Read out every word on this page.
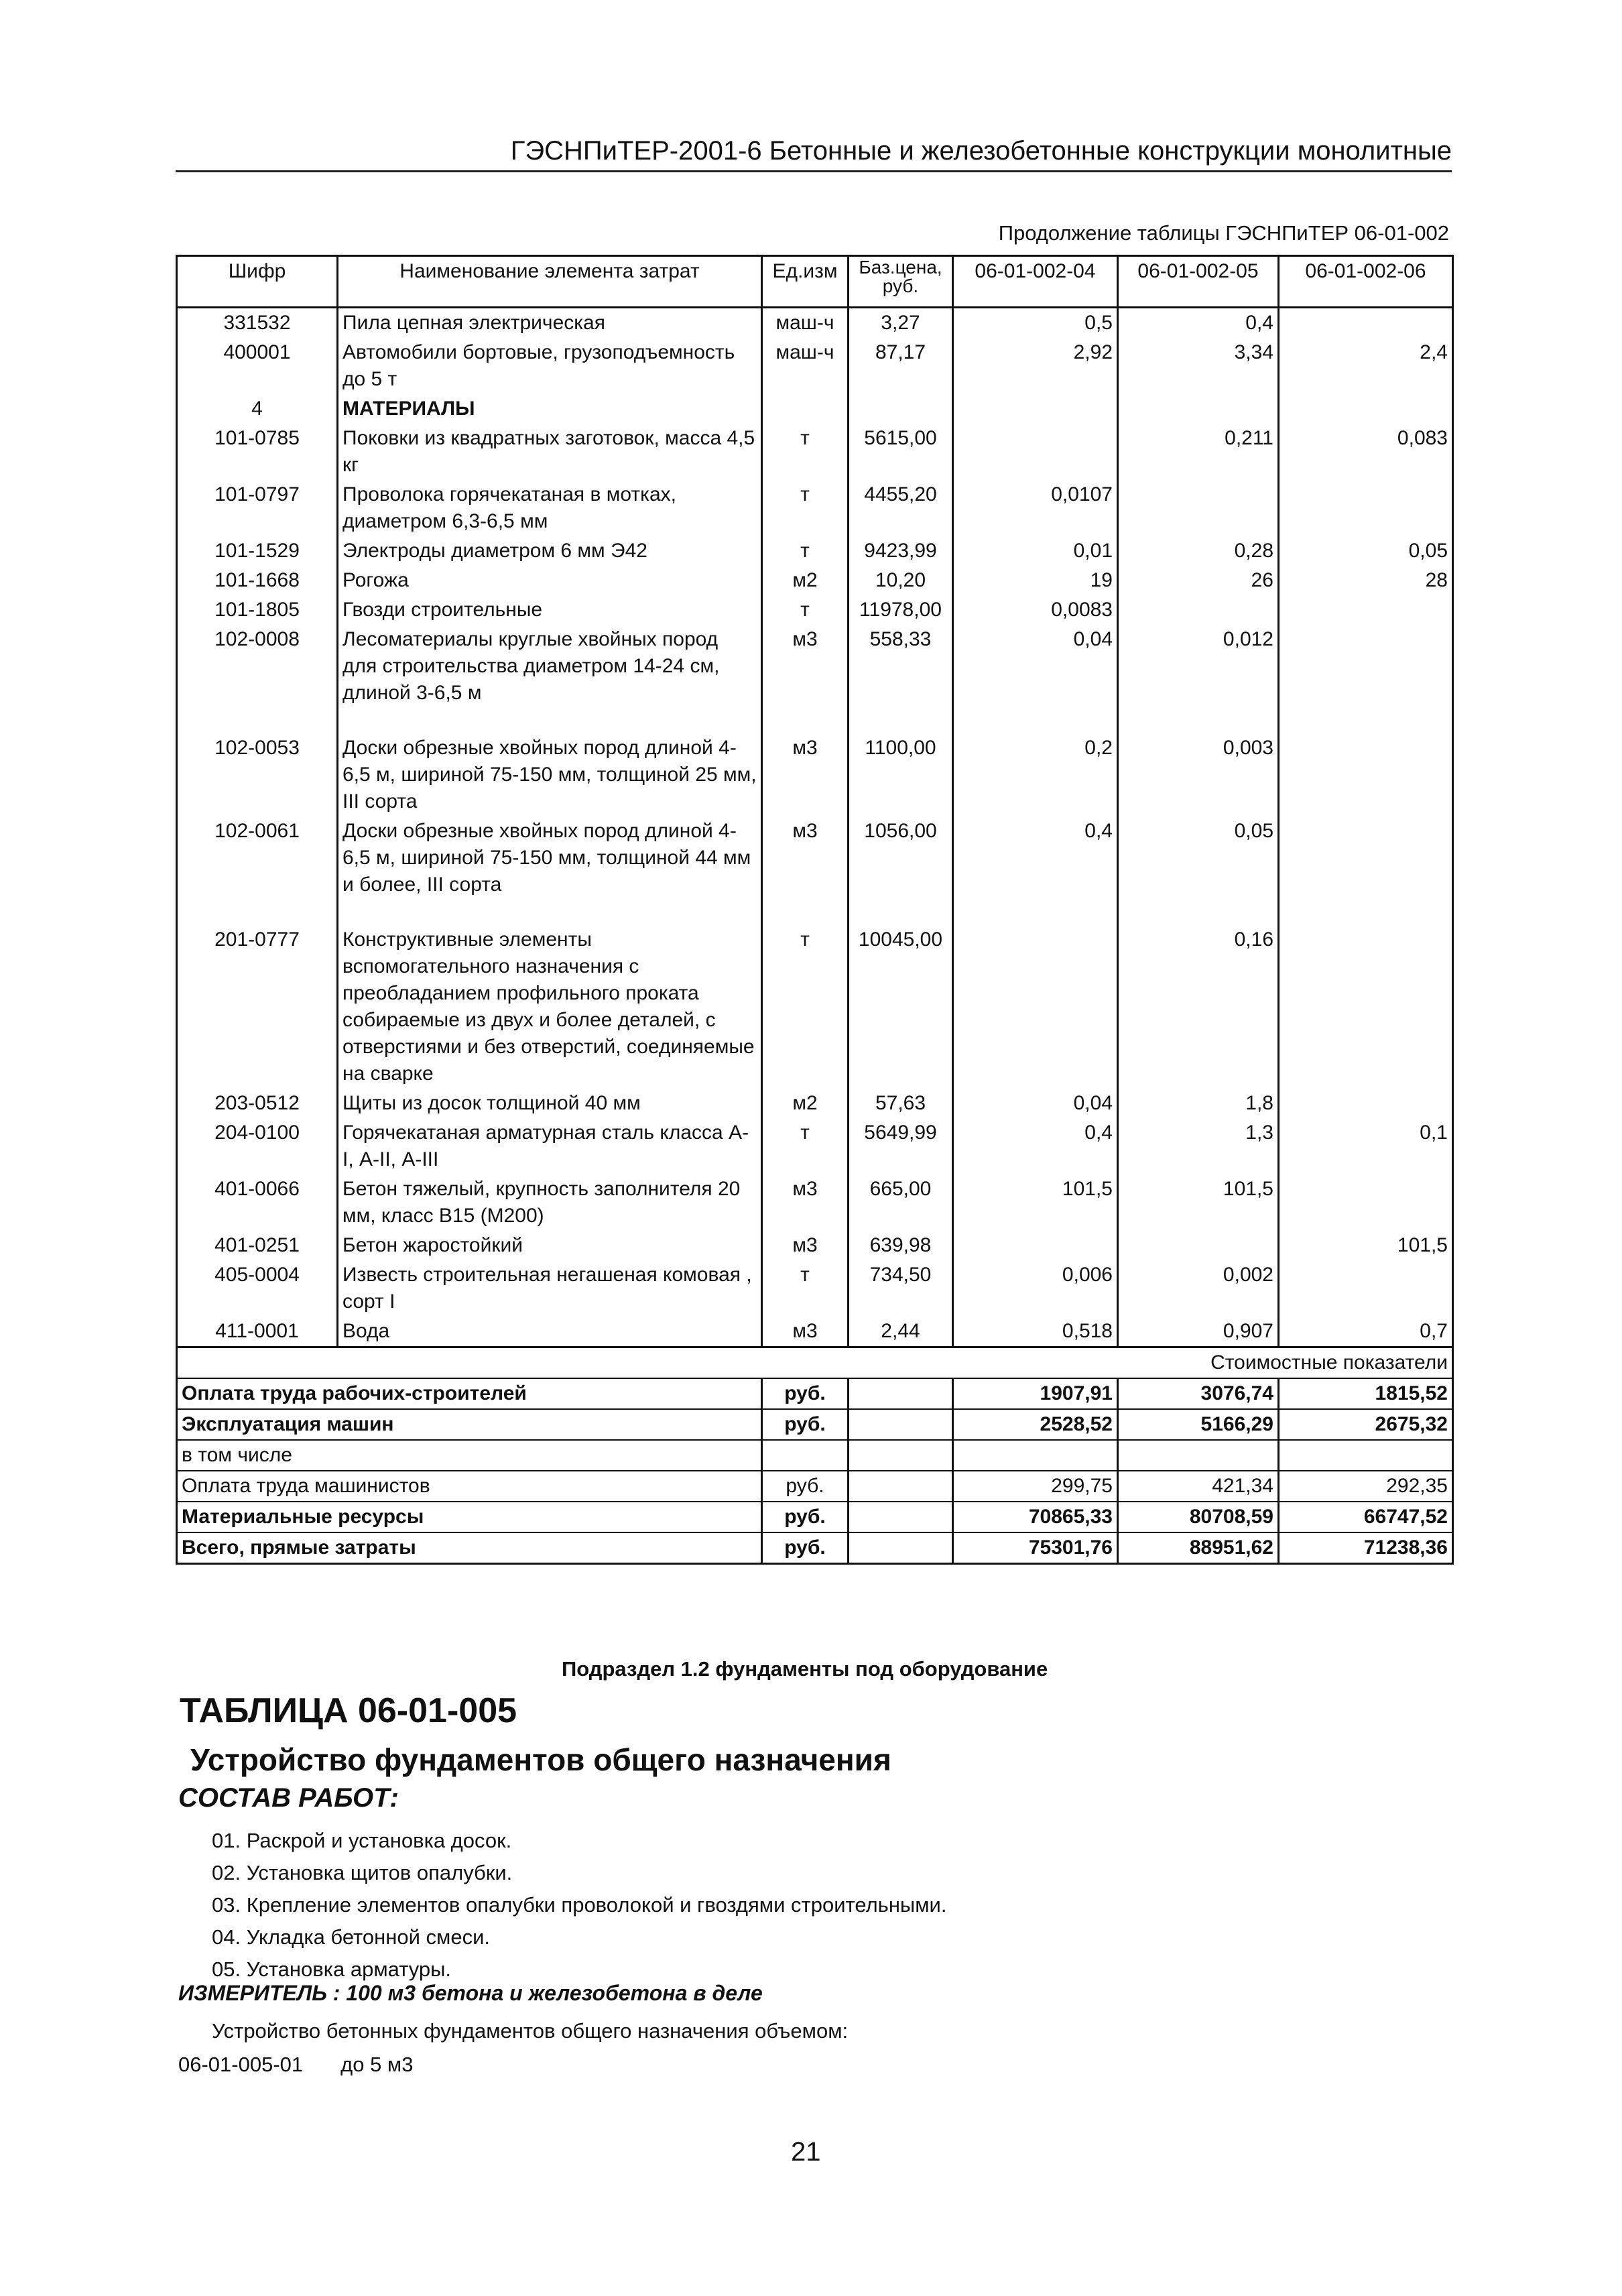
ГЭСНПиТЕР-2001-6 Бетонные и железобетонные конструкции монолитные
Продолжение таблицы ГЭСНПиТЕР 06-01-002
Шифр	Наименование элемента затрат	Ед.изм	Баз.цена, руб.	06-01-002-04	06-01-002-05	06-01-002-06
331532	Пила цепная электрическая	маш-ч	3,27	0,5	0,4	
400001	Автомобили бортовые, грузоподъемность до 5 т	маш-ч	87,17	2,92	3,34	2,4
4	МАТЕРИАЛЫ					
101-0785	Поковки из квадратных заготовок, масса 4,5 кг	т	5615,00		0,211	0,083
101-0797	Проволока горячекатаная в мотках, диаметром 6,3-6,5 мм	т	4455,20	0,0107		
101-1529	Электроды диаметром 6 мм Э42	т	9423,99	0,01	0,28	0,05
101-1668	Рогожа	м2	10,20	19	26	28
101-1805	Гвозди строительные	т	11978,00	0,0083		
102-0008	Лесоматериалы круглые хвойных пород для строительства диаметром 14-24 см, длиной 3-6,5 м	м3	558,33	0,04	0,012	
102-0053	Доски обрезные хвойных пород длиной 4-6,5 м, шириной 75-150 мм, толщиной 25 мм, III сорта	м3	1100,00	0,2	0,003	
102-0061	Доски обрезные хвойных пород длиной 4-6,5 м, шириной 75-150 мм, толщиной 44 мм и более, III сорта	м3	1056,00	0,4	0,05	
201-0777	Конструктивные элементы вспомогательного назначения с преобладанием профильного проката собираемые из двух и более деталей, с отверстиями и без отверстий, соединяемые на сварке	т	10045,00		0,16	
203-0512	Щиты из досок толщиной 40 мм	м2	57,63	0,04	1,8	
204-0100	Горячекатаная арматурная сталь класса А-I, А-II, А-III	т	5649,99	0,4	1,3	0,1
401-0066	Бетон тяжелый, крупность заполнителя 20 мм, класс В15 (М200)	м3	665,00	101,5	101,5	
401-0251	Бетон жаростойкий	м3	639,98			101,5
405-0004	Известь строительная негашеная комовая , сорт I	т	734,50	0,006	0,002	
411-0001	Вода	м3	2,44	0,518	0,907	0,7
Стоимостные показатели						
Оплата труда рабочих-строителей		руб.		1907,91	3076,74	1815,52
Эксплуатация машин		руб.		2528,52	5166,29	2675,32
в том числе						
Оплата труда машинистов		руб.		299,75	421,34	292,35
Материальные ресурсы		руб.		70865,33	80708,59	66747,52
Всего, прямые затраты		руб.		75301,76	88951,62	71238,36
Подраздел 1.2 фундаменты под оборудование
ТАБЛИЦА 06-01-005
Устройство фундаментов общего назначения
СОСТАВ РАБОТ:
01. Раскрой и установка досок.
02. Установка щитов опалубки.
03. Крепление элементов опалубки проволокой и гвоздями строительными.
04. Укладка бетонной смеси.
05. Установка арматуры.
ИЗМЕРИТЕЛЬ : 100 м3 бетона и железобетона в деле
Устройство бетонных фундаментов общего назначения объемом:
06-01-005-01 до 5 м3
21
